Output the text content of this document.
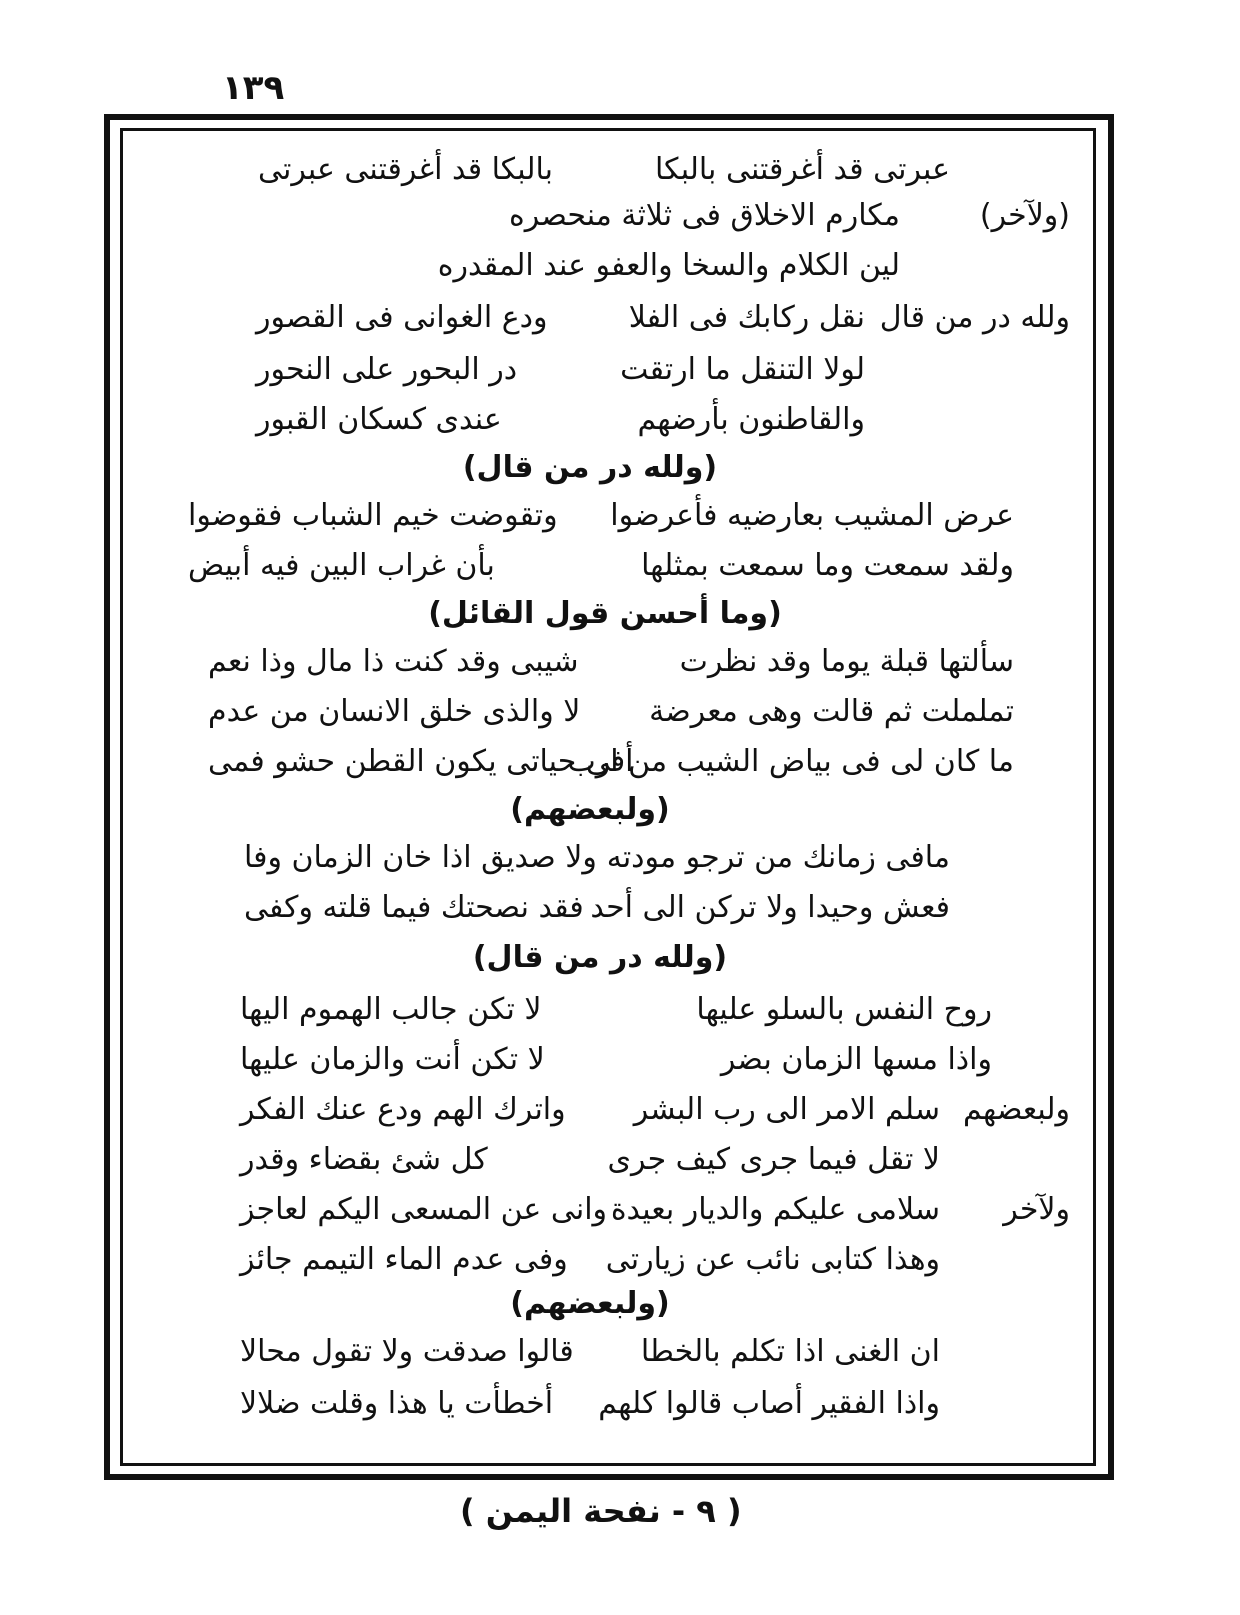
١٣٩
عبرتى قد أغرقتنى بالبكا
بالبكا قد أغرقتنى عبرتى
(ولآخر)
مكارم الاخلاق فى ثلاثة منحصره
لين الكلام والسخا والعفو عند المقدره
ولله در من قال
نقل ركابك فى الفلا
ودع الغوانى فى القصور
لولا التنقل ما ارتقت
در البحور على النحور
والقاطنون بأرضهم
عندى كسكان القبور
(ولله در من قال)
عرض المشيب بعارضيه فأعرضوا
وتقوضت خيم الشباب فقوضوا
ولقد سمعت وما سمعت بمثلها
بأن غراب البين فيه أبيض
(وما أحسن قول القائل)
سألتها قبلة يوما وقد نظرت
شيبى وقد كنت ذا مال وذا نعم
تململت ثم قالت وهى معرضة
لا والذى خلق الانسان من عدم
ما كان لى فى بياض الشيب من ارب
أفى حياتى يكون القطن حشو فمى
(ولبعضهم)
مافى زمانك من ترجو مودته
ولا صديق اذا خان الزمان وفا
فعش وحيدا ولا تركن الى أحد
فقد نصحتك فيما قلته وكفى
(ولله در من قال)
روح النفس بالسلو عليها
لا تكن جالب الهموم اليها
واذا مسها الزمان بضر
لا تكن أنت والزمان عليها
ولبعضهم
سلم الامر الى رب البشر
واترك الهم ودع عنك الفكر
لا تقل فيما جرى كيف جرى
كل شئ بقضاء وقدر
ولآخر
سلامى عليكم والديار بعيدة
وانى عن المسعى اليكم لعاجز
وهذا كتابى نائب عن زيارتى
وفى عدم الماء التيمم جائز
(ولبعضهم)
ان الغنى اذا تكلم بالخطا
قالوا صدقت ولا تقول محالا
واذا الفقير أصاب قالوا كلهم
أخطأت يا هذا وقلت ضلالا
( ٩ - نفحة اليمن )
